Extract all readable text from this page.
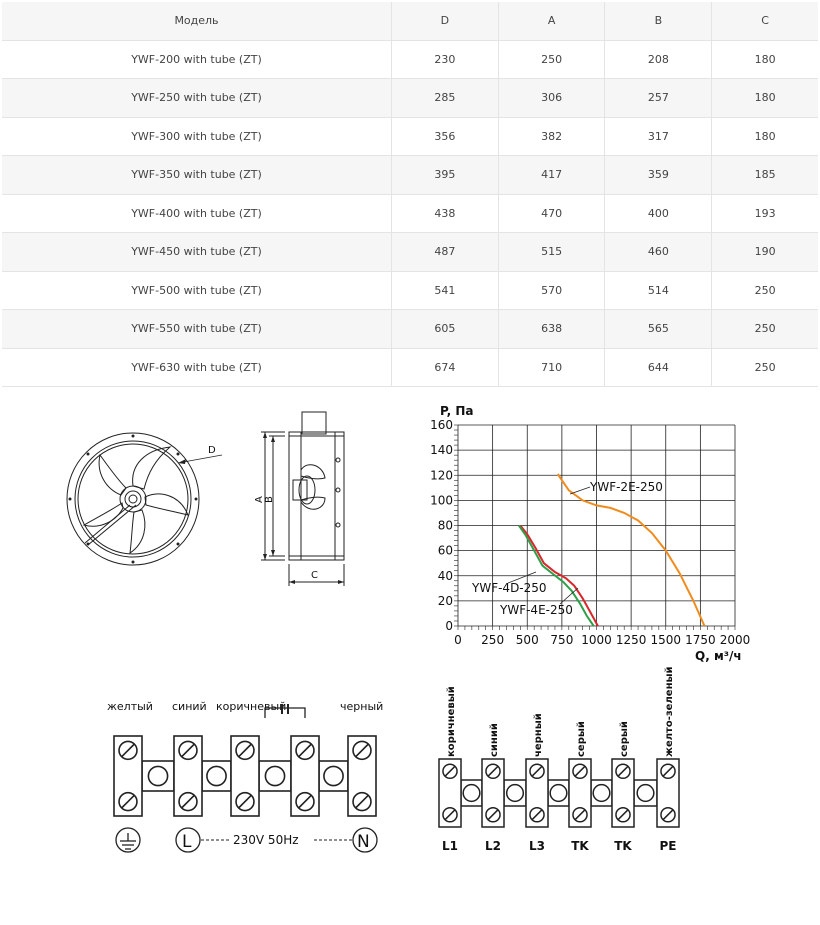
Модель	D	A	B	C
YWF-200 with tube (ZT)	230	250	208	180
YWF-250 with tube (ZT)	285	306	257	180
YWF-300 with tube (ZT)	356	382	317	180
YWF-350 with tube (ZT)	395	417	359	185
YWF-400 with tube (ZT)	438	470	400	193
YWF-450 with tube (ZT)	487	515	460	190
YWF-500 with tube (ZT)	541	570	514	250
YWF-550 with tube (ZT)	605	638	565	250
YWF-630 with tube (ZT)	674	710	644	250
D
A B
C
0
20
40
60
80
100
120
140
160
0 250 500 750 1000 1250 1500 1750 2000
P, Па
Q, м³/ч
YWF-2E-250
YWF-4D-250
YWF-4E-250
желтый синий коричневый	черный
L	N
230V 50Hz
коричневый	синий	черный	серый	серый	желто-зеленый
L1 L2 L3 TK TK PE
